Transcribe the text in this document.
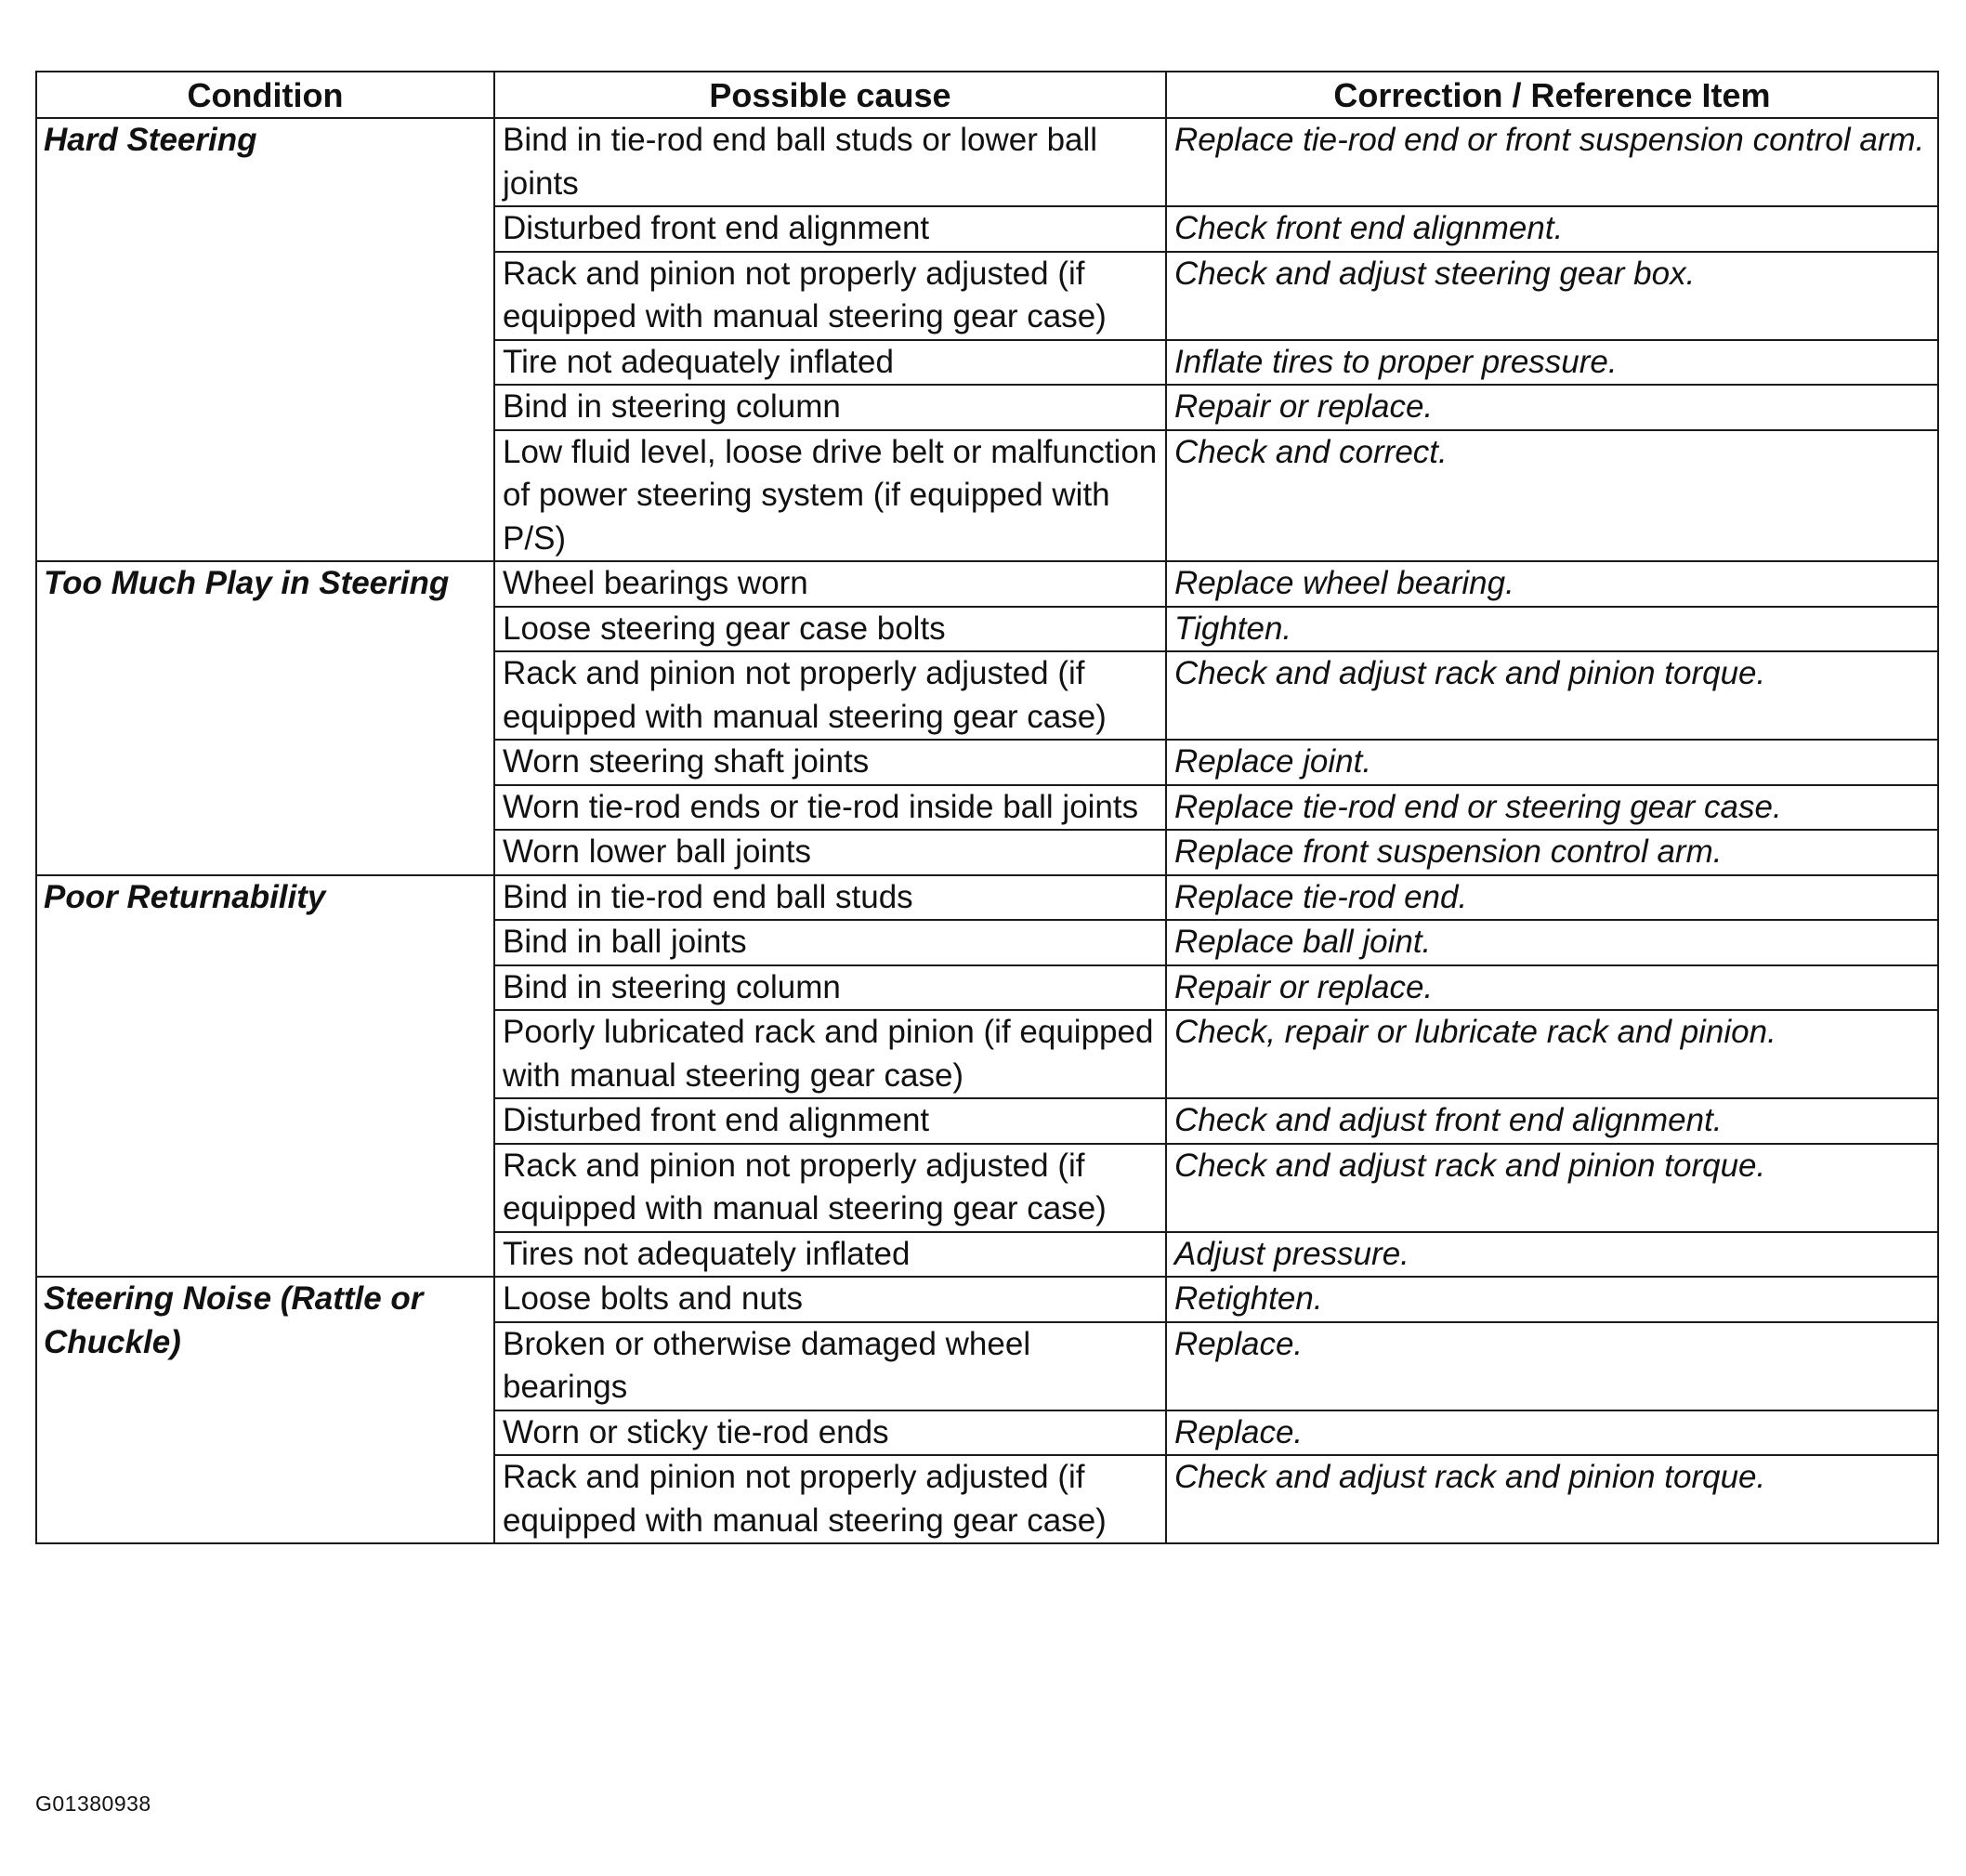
Condition	Possible cause	Correction / Reference Item
Hard Steering	Bind in tie-rod end ball studs or lower ball joints	Replace tie-rod end or front suspension control arm.
	Disturbed front end alignment	Check front end alignment.
	Rack and pinion not properly adjusted (if equipped with manual steering gear case)	Check and adjust steering gear box.
	Tire not adequately inflated	Inflate tires to proper pressure.
	Bind in steering column	Repair or replace.
	Low fluid level, loose drive belt or malfunction of power steering system (if equipped with P/S)	Check and correct.
Too Much Play in Steering	Wheel bearings worn	Replace wheel bearing.
	Loose steering gear case bolts	Tighten.
	Rack and pinion not properly adjusted (if equipped with manual steering gear case)	Check and adjust rack and pinion torque.
	Worn steering shaft joints	Replace joint.
	Worn tie-rod ends or tie-rod inside ball joints	Replace tie-rod end or steering gear case.
	Worn lower ball joints	Replace front suspension control arm.
Poor Returnability	Bind in tie-rod end ball studs	Replace tie-rod end.
	Bind in ball joints	Replace ball joint.
	Bind in steering column	Repair or replace.
	Poorly lubricated rack and pinion (if equipped with manual steering gear case)	Check, repair or lubricate rack and pinion.
	Disturbed front end alignment	Check and adjust front end alignment.
	Rack and pinion not properly adjusted (if equipped with manual steering gear case)	Check and adjust rack and pinion torque.
	Tires not adequately inflated	Adjust pressure.
Steering Noise (Rattle or Chuckle)	Loose bolts and nuts	Retighten.
	Broken or otherwise damaged wheel bearings	Replace.
	Worn or sticky tie-rod ends	Replace.
	Rack and pinion not properly adjusted (if equipped with manual steering gear case)	Check and adjust rack and pinion torque.
G01380938
